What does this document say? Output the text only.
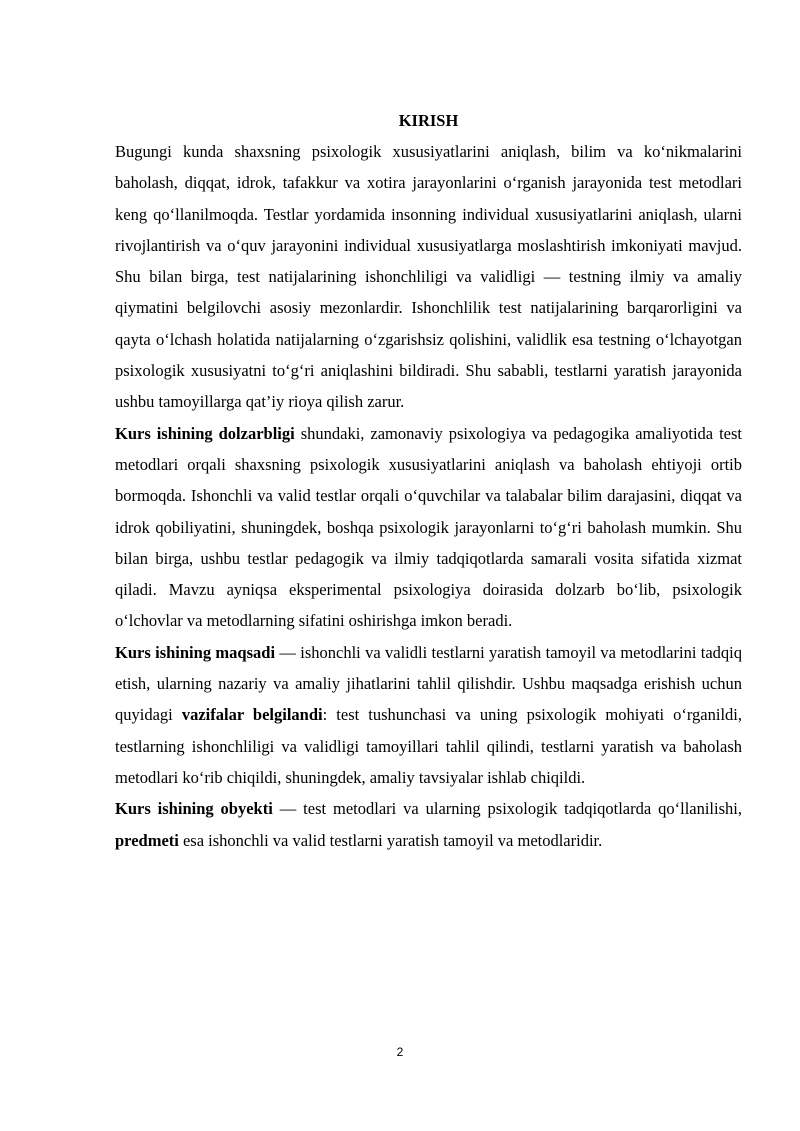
KIRISH

Bugungi kunda shaxsning psixologik xususiyatlarini aniqlash, bilim va ko‘nikmalarini baholash, diqqat, idrok, tafakkur va xotira jarayonlarini o‘rganish jarayonida test metodlari keng qo‘llanilmoqda. Testlar yordamida insonning individual xususiyatlarini aniqlash, ularni rivojlantirish va o‘quv jarayonini individual xususiyatlarga moslashtirish imkoniyati mavjud. Shu bilan birga, test natijalarining ishonchliligi va validligi — testning ilmiy va amaliy qiymatini belgilovchi asosiy mezonlardir. Ishonchlilik test natijalarining barqarorligini va qayta o‘lchash holatida natijalarning o‘zgarishsiz qolishini, validlik esa testning o‘lchayotgan psixologik xususiyatni to‘g‘ri aniqlashini bildiradi. Shu sababli, testlarni yaratish jarayonida ushbu tamoyillarga qat’iy rioya qilish zarur.

Kurs ishining dolzarbligi shundaki, zamonaviy psixologiya va pedagogika amaliyotida test metodlari orqali shaxsning psixologik xususiyatlarini aniqlash va baholash ehtiyoji ortib bormoqda. Ishonchli va valid testlar orqali o‘quvchilar va talabalar bilim darajasini, diqqat va idrok qobiliyatini, shuningdek, boshqa psixologik jarayonlarni to‘g‘ri baholash mumkin. Shu bilan birga, ushbu testlar pedagogik va ilmiy tadqiqotlarda samarali vosita sifatida xizmat qiladi. Mavzu ayniqsa eksperimental psixologiya doirasida dolzarb bo‘lib, psixologik o‘lchovlar va metodlarning sifatini oshirishga imkon beradi.

Kurs ishining maqsadi — ishonchli va validli testlarni yaratish tamoyil va metodlarini tadqiq etish, ularning nazariy va amaliy jihatlarini tahlil qilishdir. Ushbu maqsadga erishish uchun quyidagi vazifalar belgilandi: test tushunchasi va uning psixologik mohiyati o‘rganildi, testlarning ishonchliligi va validligi tamoyillari tahlil qilindi, testlarni yaratish va baholash metodlari ko‘rib chiqildi, shuningdek, amaliy tavsiyalar ishlab chiqildi.

Kurs ishining obyekti — test metodlari va ularning psixologik tadqiqotlarda qo‘llanilishi, predmeti esa ishonchli va valid testlarni yaratish tamoyil va metodlaridir.

2
